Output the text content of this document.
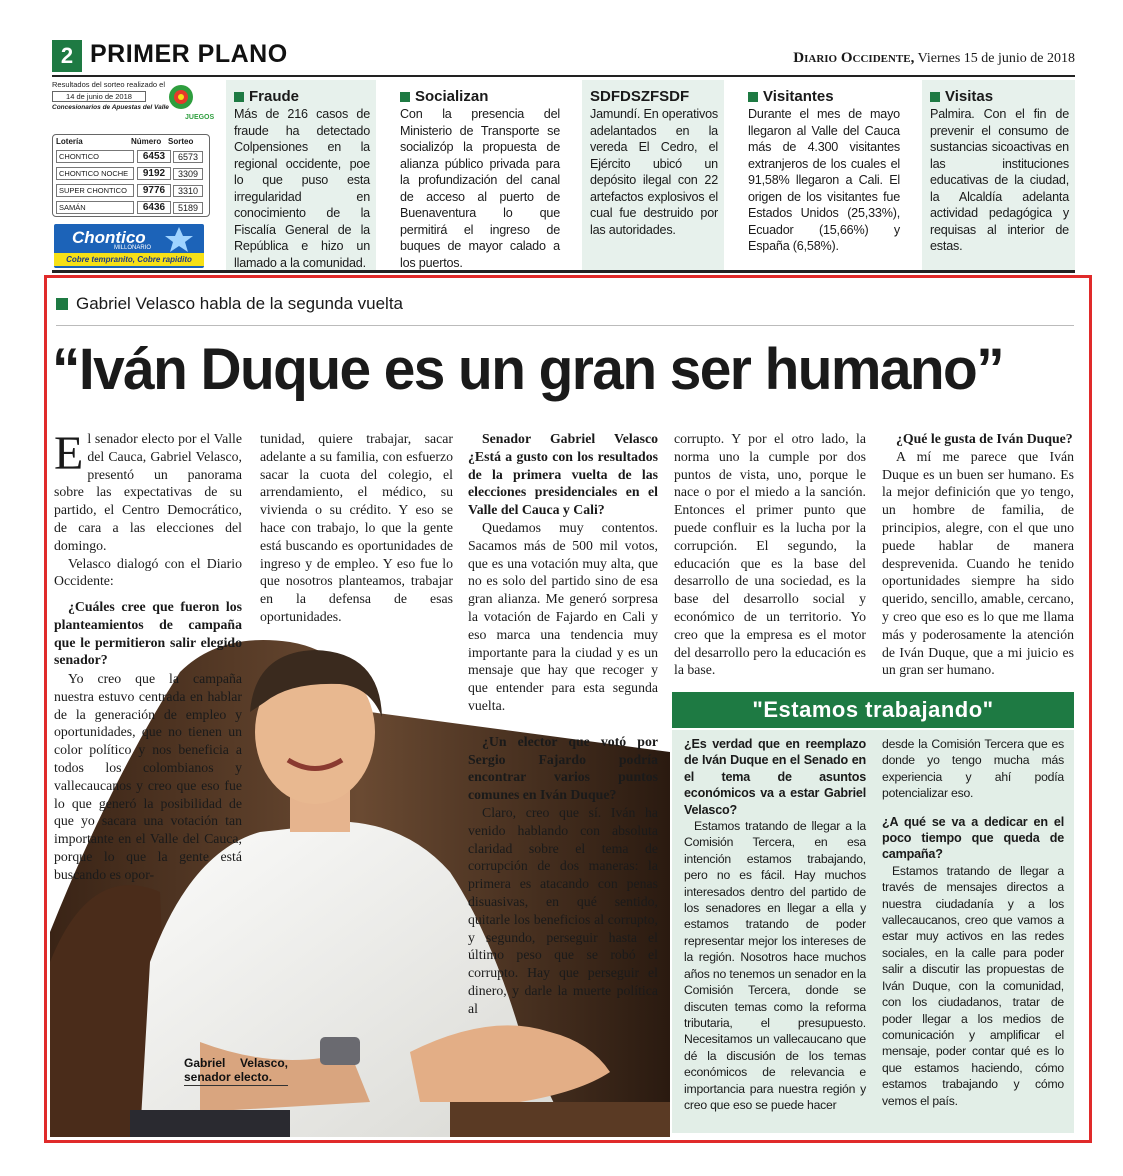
2 PRIMER PLANO	Diario Occidente, Viernes 15 de junio de 2018
Resultados del sorteo realizado el
14 de junio de 2018
Concesionarios de Apuestas del Valle
JUEGOS
Lotería	Número Sorteo
CHONTICO	6453	6573
CHONTICO NOCHE	9192	3309
SUPER CHONTICO	9776	3310
SAMÁN	6436	5189
Chontico
MILLONARIO
Cobre tempranito, Cobre rapidito
Fraude
Más de 216 casos de fraude ha detectado Colpensiones en la regional occidente, poe lo que puso esta irregularidad en conocimiento de la Fiscalía General de la República e hizo un llamado a la comunidad.
Socializan
Con la presencia del Ministerio de Transporte se socializóp la propuesta de alianza público privada para la profundización del canal de acceso al puerto de Buenaventura lo que permitirá el ingreso de buques de mayor calado a los puertos.
SDFDSZFSDF
Jamundí. En operativos adelantados en la vereda El Cedro, el Ejército ubicó un depósito ilegal con 22 artefactos explosivos el cual fue destruido por las autoridades.
Visitantes
Durante el mes de mayo llegaron al Valle del Cauca más de 4.300 visitantes extranjeros de los cuales el 91,58% llegaron a Cali. El origen de los visitantes fue Estados Unidos (25,33%), Ecuador (15,66%) y España (6,58%).
Visitas
Palmira. Con el fin de prevenir el consumo de sustancias sicoactivas en las instituciones educativas de la ciudad, la Alcaldía adelanta actividad pedagógica y requisas al interior de estas.
Gabriel Velasco habla de la segunda vuelta
“Iván Duque es un gran ser humano”
Gabriel Velasco, senador electo.

El senador electo por el Valle del Cauca, Gabriel Velasco, presentó un panorama sobre las expectativas de su partido, el Centro Democrático, de cara a las elecciones del domingo.

Velasco dialogó con el Diario Occidente:

¿Cuáles cree que fueron los planteamientos de campaña que le permitieron salir elegido senador?

Yo creo que la campaña nuestra estuvo centrada en hablar de la generación de empleo y oportunidades, que no tienen un color político y nos beneficia a todos los colombianos y vallecaucanos y creo que eso fue lo que generó la posibilidad de que yo sacara una votación tan importante en el Valle del Cauca, porque lo que la gente está buscando es opor-

tunidad, quiere trabajar, sacar adelante a su familia, con esfuerzo sacar la cuota del colegio, el arrendamiento, el médico, su vivienda o su crédito. Y eso se hace con trabajo, lo que la gente está buscando es oportunidades de ingreso y de empleo. Y eso fue lo que nosotros planteamos, trabajar en la defensa de esas oportunidades.

Senador Gabriel Velasco ¿Está a gusto con los resultados de la primera vuelta de las elecciones presidenciales en el Valle del Cauca y Cali?

Quedamos muy contentos. Sacamos más de 500 mil votos, que es una votación muy alta, que no es solo del partido sino de esa gran alianza. Me generó sorpresa la votación de Fajardo en Cali y eso marca una tendencia muy importante para la ciudad y es un mensaje que hay que recoger y que entender para esta segunda vuelta.

¿Un elector que votó por Sergio Fajardo podría encontrar varios puntos comunes en Iván Duque?

Claro, creo que sí. Iván ha venido hablando con absoluta claridad sobre el tema de corrupción de dos maneras: la primera es atacando con penas disuasivas, en qué sentido, quitarle los beneficios al corrupto, y segundo, perseguir hasta el último peso que se robó el corrupto. Hay que perseguir el dinero, y darle la muerte política al

corrupto. Y por el otro lado, la norma uno la cumple por dos puntos de vista, uno, porque le nace o por el miedo a la sanción. Entonces el primer punto que puede confluir es la lucha por la corrupción. El segundo, la educación que es la base del desarrollo de una sociedad, es la base del desarrollo social y económico de un territorio. Yo creo que la empresa es el motor del desarrollo pero la educación es la base.

¿Qué le gusta de Iván Duque?

A mí me parece que Iván Duque es un buen ser humano. Es la mejor definición que yo tengo, un hombre de familia, de principios, alegre, con el que uno puede hablar de manera desprevenida. Cuando he tenido oportunidades siempre ha sido querido, sencillo, amable, cercano, y creo que eso es lo que me llama más y poderosamente la atención de Iván Duque, que a mi juicio es un gran ser humano.

"Estamos trabajando"

¿Es verdad que en reemplazo de Iván Duque en el Senado en el tema de asuntos económicos va a estar Gabriel Velasco?

Estamos tratando de llegar a la Comisión Tercera, en esa intención estamos trabajando, pero no es fácil. Hay muchos interesados dentro del partido de los senadores en llegar a ella y estamos tratando de poder representar mejor los intereses de la región. Nosotros hace muchos años no tenemos un senador en la Comisión Tercera, donde se discuten temas como la reforma tributaria, el presupuesto. Necesitamos un vallecaucano que dé la discusión de los temas económicos de relevancia e importancia para nuestra región y creo que eso se puede hacer

desde la Comisión Tercera que es donde yo tengo mucha más experiencia y ahí podía potencializar eso.

¿A qué se va a dedicar en el poco tiempo que queda de campaña?

Estamos tratando de llegar a través de mensajes directos a nuestra ciudadanía y a los vallecaucanos, creo que vamos a estar muy activos en las redes sociales, en la calle para poder salir a discutir las propuestas de Iván Duque, con la comunidad, con los ciudadanos, tratar de poder llegar a los medios de comunicación y amplificar el mensaje, poder contar qué es lo que estamos haciendo, cómo estamos trabajando y cómo vemos el país.
